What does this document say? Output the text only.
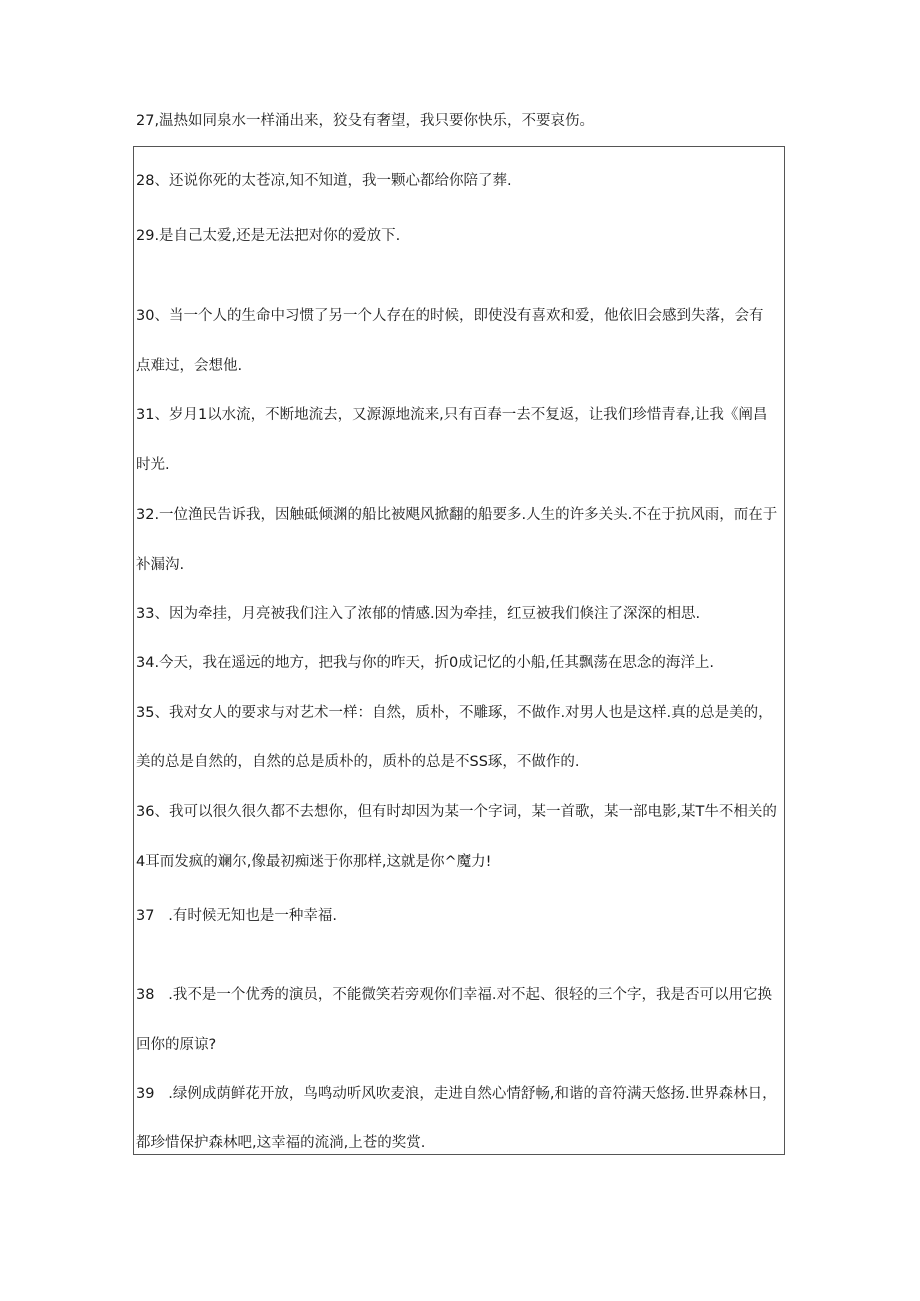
27,温热如同泉水一样涌出来，狡殳有奢望，我只要你快乐，不要哀伤。
28、还说你死的太苍凉,知不知道，我一颗心都给你陪了葬.
29.是自己太爱,还是无法把对你的爱放下.
30、当一个人的生命中习惯了另一个人存在的时候，即使没有喜欢和爱，他依旧会感到失落，会有
点难过，会想他.
31、岁月1以水流，不断地流去，又源源地流来,只有百春一去不复返，让我们珍惜青春,让我《阐昌
时光.
32.一位渔民告诉我，因触砥倾渊的船比被飓风掀翻的船要多.人生的许多关头.不在于抗风雨，而在于
补漏沟.
33、因为牵挂，月亮被我们注入了浓郁的情感.因为牵挂，红豆被我们倏注了深深的相思.
34.今天，我在遥远的地方，把我与你的昨天，折0成记忆的小船,任其飘荡在思念的海洋上.
35、我对女人的要求与对艺术一样：自然，质朴，不雕琢，不做作.对男人也是这样.真的总是美的，
美的总是自然的，自然的总是质朴的，质朴的总是不SS琢，不做作的.
36、我可以很久很久都不去想你，但有时却因为某一个字词，某一首歌，某一部电影,某T牛不相关的
4耳而发疯的斓尔,像最初痴迷于你那样,这就是你^魔力!
37   .有时候无知也是一种幸福.
38   .我不是一个优秀的演员，不能微笑若旁观你们幸福.对不起、很轻的三个字，我是否可以用它换
回你的原谅?
39   .绿例成荫鲜花开放，鸟鸣动听风吹麦浪，走进自然心情舒畅,和谐的音符满天悠扬.世界森林日，
都珍惜保护森林吧,这幸福的流淌,上苍的奖赏.
